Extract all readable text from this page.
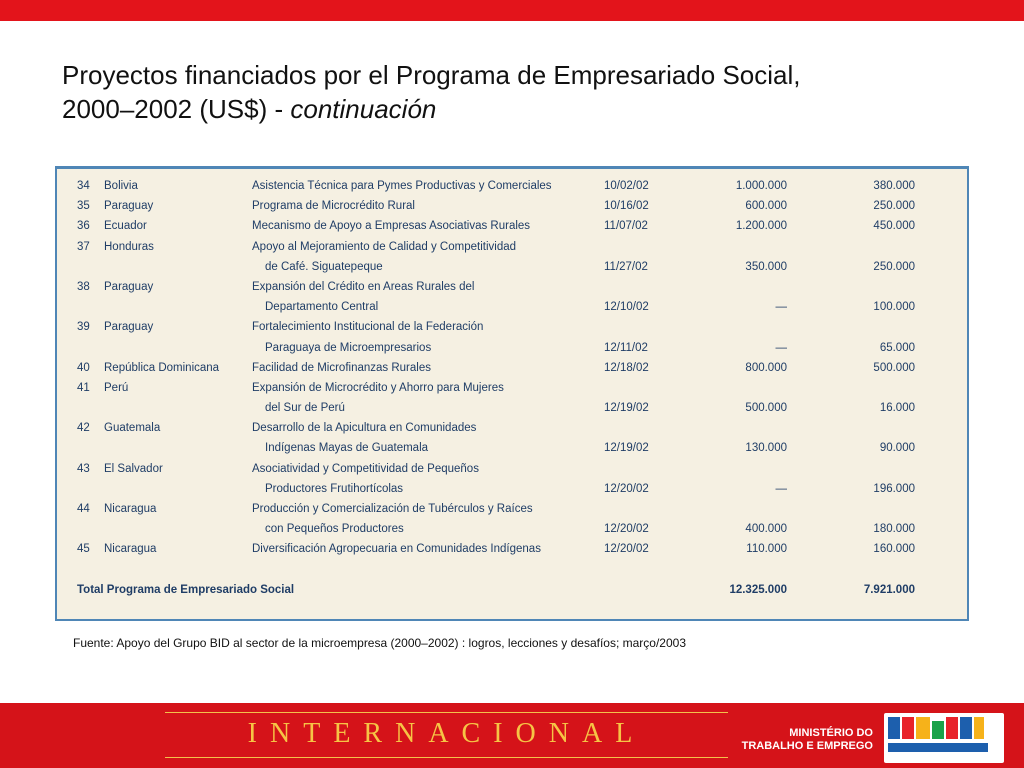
Proyectos financiados por el Programa de Empresariado Social,
2000–2002 (US$) - continuación
34 Bolivia	Asistencia Técnica para Pymes Productivas y Comerciales	10/02/02	1.000.000	380.000
35 Paraguay	Programa de Microcrédito Rural	10/16/02	600.000	250.000
36 Ecuador	Mecanismo de Apoyo a Empresas Asociativas Rurales	11/07/02	1.200.000	450.000
37 Honduras	Apoyo al Mejoramiento de Calidad y Competitividad
de Café. Siguatepeque	11/27/02	350.000	250.000
38 Paraguay	Expansión del Crédito en Areas Rurales del
Departamento Central	12/10/02	—	100.000
39 Paraguay	Fortalecimiento Institucional de la Federación
Paraguaya de Microempresarios	12/11/02	—	65.000
40 República Dominicana	Facilidad de Microfinanzas Rurales	12/18/02	800.000	500.000
41 Perú	Expansión de Microcrédito y Ahorro para Mujeres
del Sur de Perú	12/19/02	500.000	16.000
42 Guatemala	Desarrollo de la Apicultura en Comunidades
Indígenas Mayas de Guatemala	12/19/02	130.000	90.000
43 El Salvador	Asociatividad y Competitividad de Pequeños
Productores Frutihortícolas	12/20/02	—	196.000
44 Nicaragua	Producción y Comercialización de Tubérculos y Raíces
con Pequeños Productores	12/20/02	400.000	180.000
45 Nicaragua	Diversificación Agropecuaria en Comunidades Indígenas	12/20/02	110.000	160.000
Total Programa de Empresariado Social	12.325.000	7.921.000
Fuente: Apoyo del Grupo BID al sector de la microempresa (2000–2002) : logros, lecciones y desafíos; março/2003
INTERNACIONAL	MINISTÉRIO DO
TRABALHO E EMPREGO
